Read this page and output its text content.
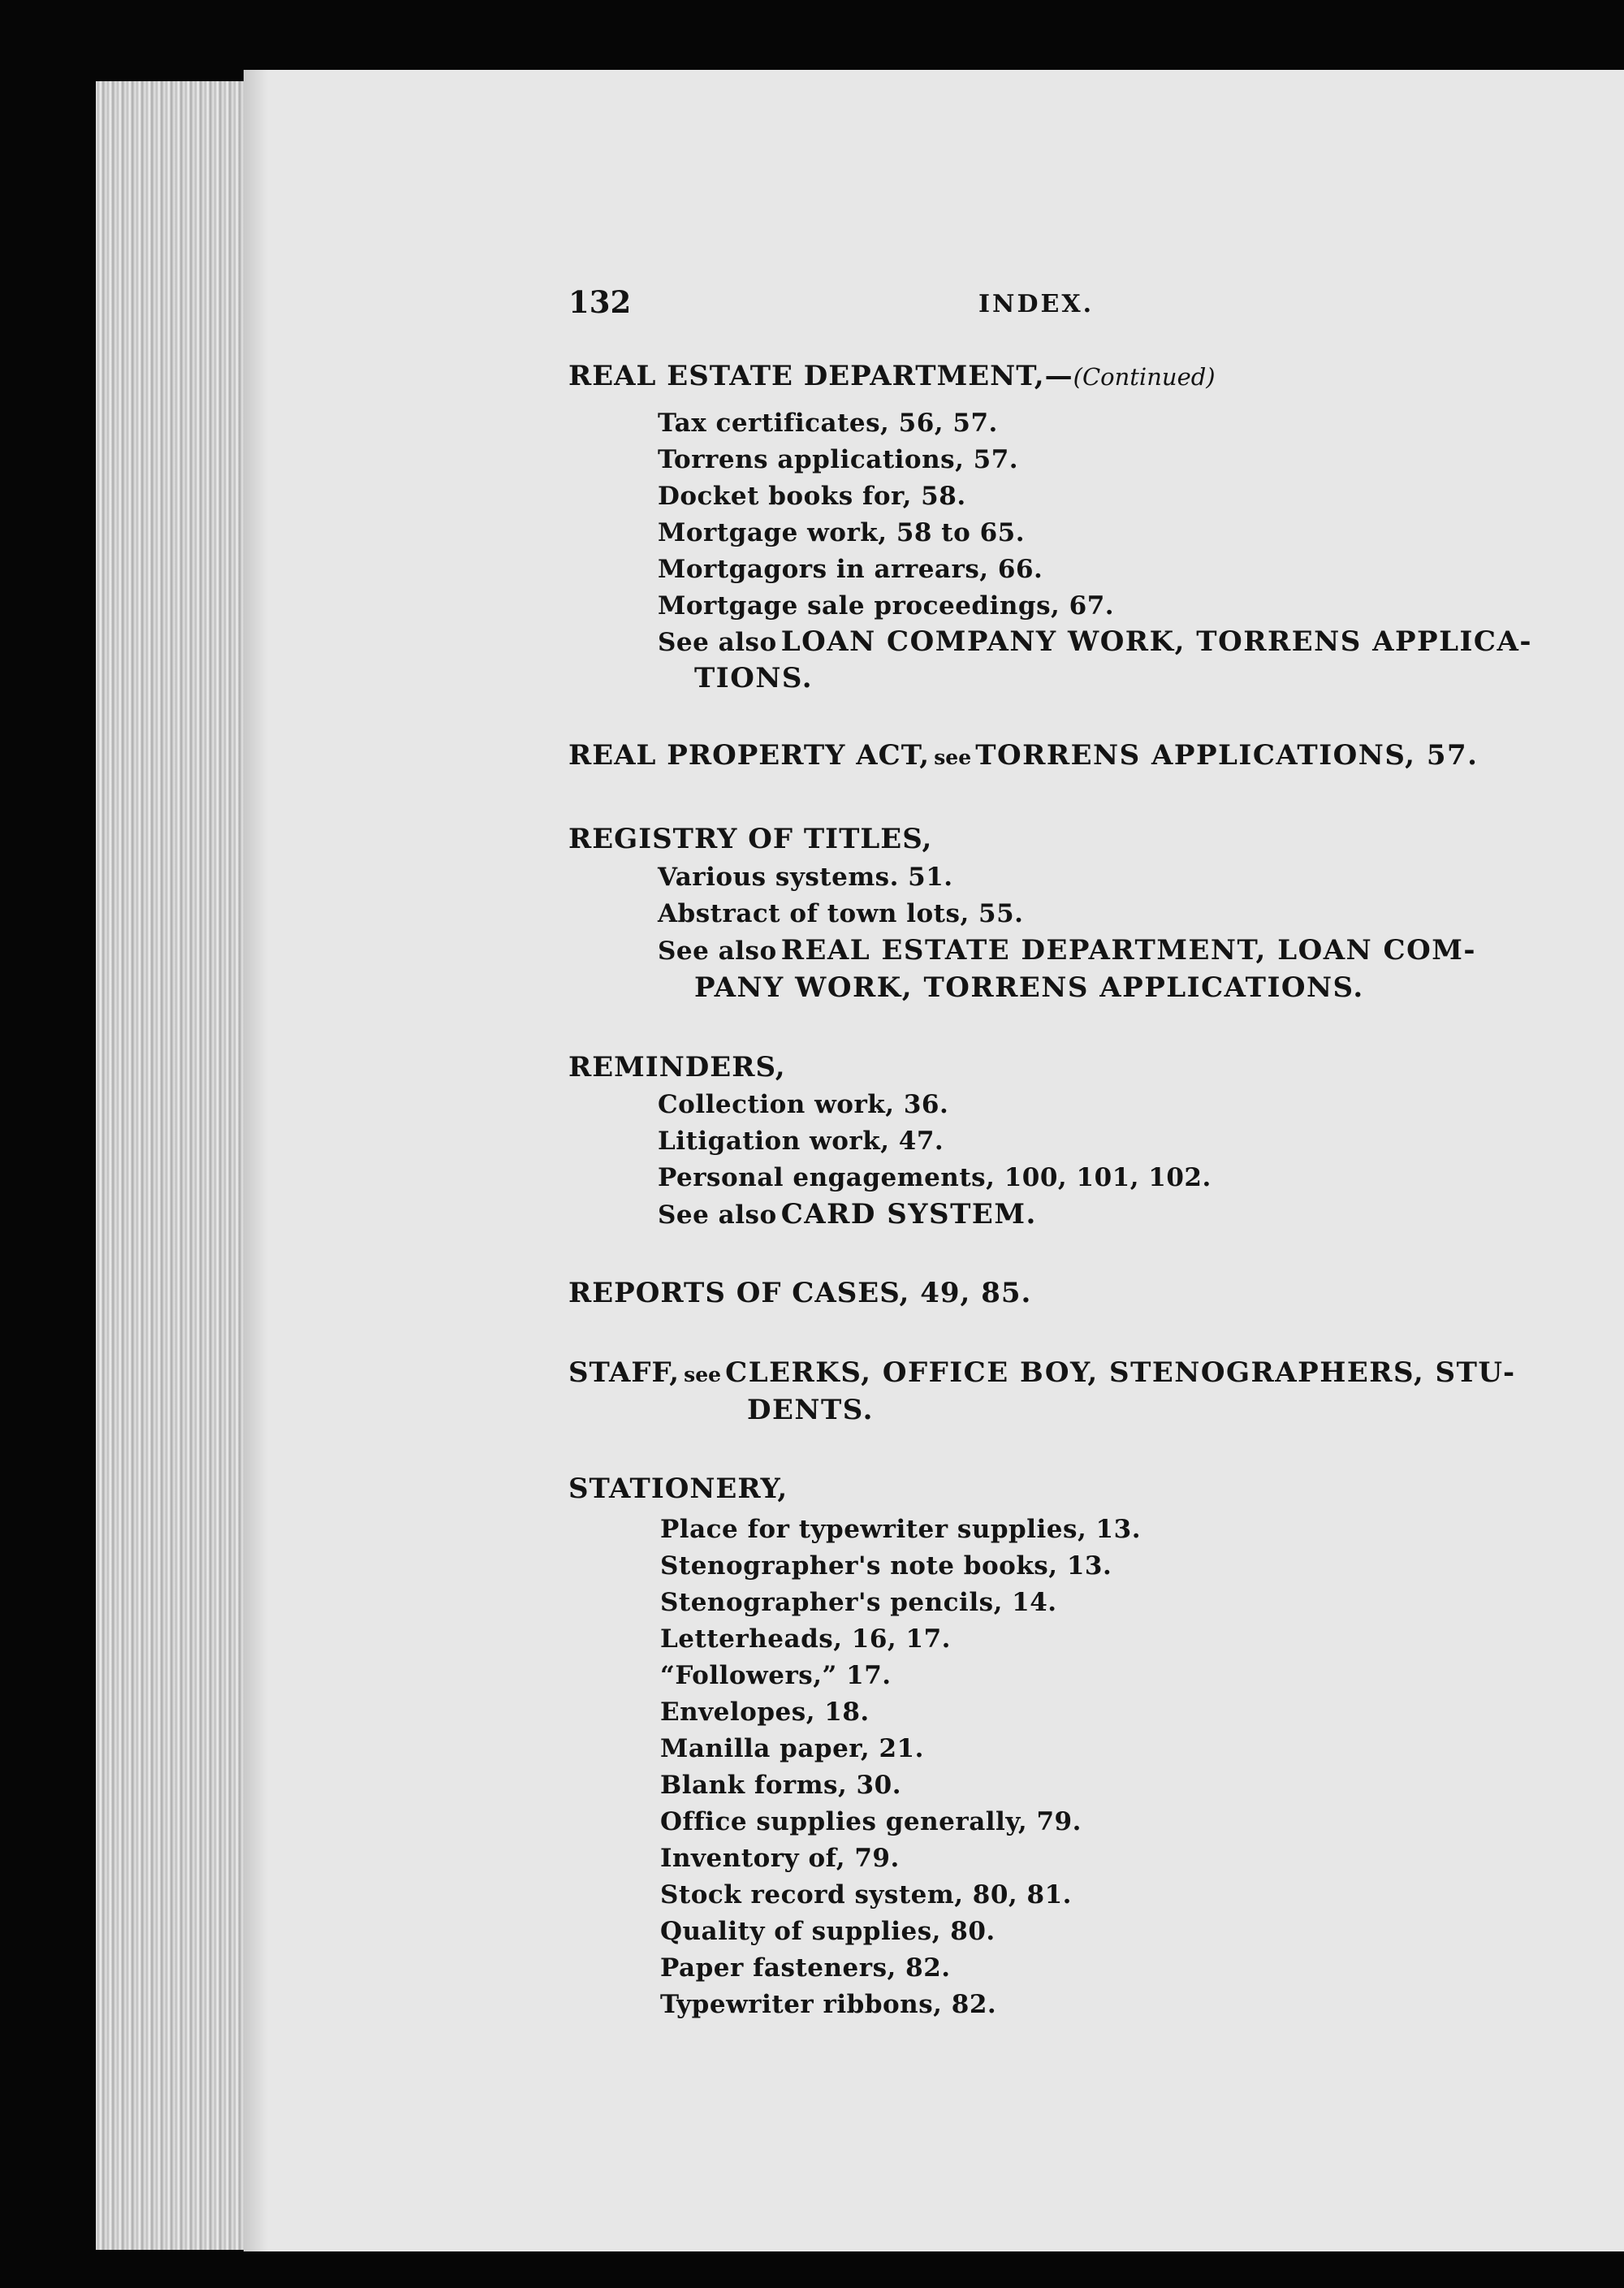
132	INDEX.
REAL ESTATE DEPARTMENT,—(Continued)
Tax certificates, 56, 57.
Torrens applications, 57.
Docket books for, 58.
Mortgage work, 58 to 65.
Mortgagors in arrears, 66.
Mortgage sale proceedings, 67.
See also LOAN COMPANY WORK, TORRENS APPLICA-
TIONS.
REAL PROPERTY ACT, see TORRENS APPLICATIONS, 57.
REGISTRY OF TITLES,
Various systems. 51.
Abstract of town lots, 55.
See also REAL ESTATE DEPARTMENT, LOAN COM-
PANY WORK, TORRENS APPLICATIONS.
REMINDERS,
Collection work, 36.
Litigation work, 47.
Personal engagements, 100, 101, 102.
See also CARD SYSTEM.
REPORTS OF CASES, 49, 85.
STAFF, see CLERKS, OFFICE BOY, STENOGRAPHERS, STU-
DENTS.
STATIONERY,
Place for typewriter supplies, 13.
Stenographer's note books, 13.
Stenographer's pencils, 14.
Letterheads, 16, 17.
“Followers,” 17.
Envelopes, 18.
Manilla paper, 21.
Blank forms, 30.
Office supplies generally, 79.
Inventory of, 79.
Stock record system, 80, 81.
Quality of supplies, 80.
Paper fasteners, 82.
Typewriter ribbons, 82.
